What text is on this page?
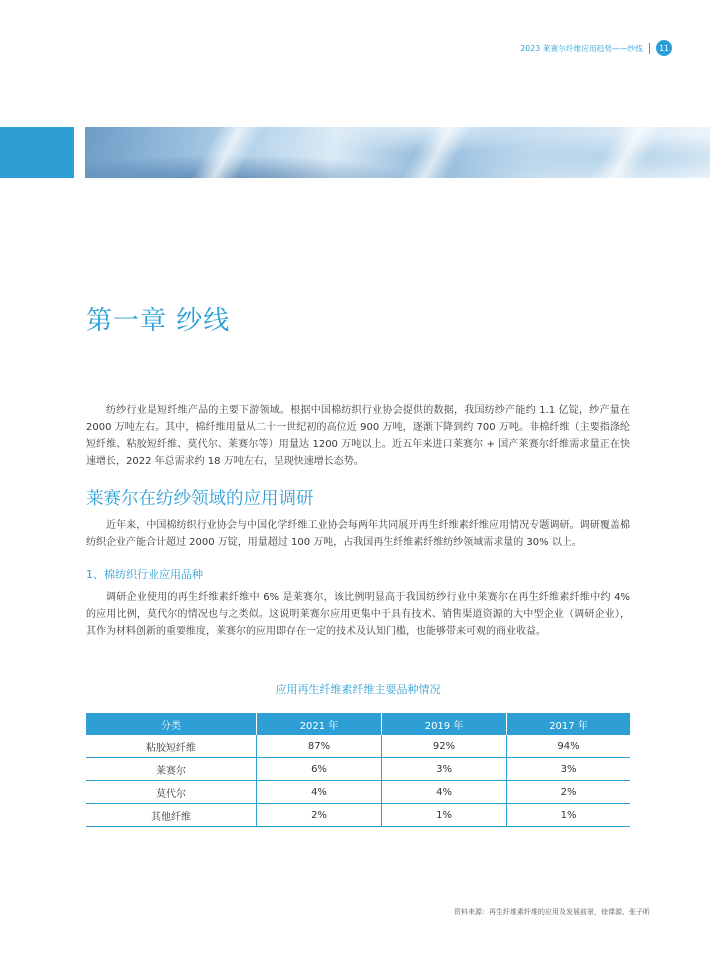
2023 莱赛尔纤维应用趋势——纱线	11
第一章 纱线

纺纱行业是短纤维产品的主要下游领域。根据中国棉纺织行业协会提供的数据，我国纺纱产能约 1.1 亿锭，纱产量在 2000 万吨左右。其中，棉纤维用量从二十一世纪初的高位近 900 万吨，逐渐下降到约 700 万吨。非棉纤维（主要指涤纶短纤维、粘胶短纤维、莫代尔、莱赛尔等）用量达 1200 万吨以上。近五年来进口莱赛尔 + 国产莱赛尔纤维需求量正在快速增长，2022 年总需求约 18 万吨左右，呈现快速增长态势。

莱赛尔在纺纱领域的应用调研

近年来，中国棉纺织行业协会与中国化学纤维工业协会每两年共同展开再生纤维素纤维应用情况专题调研。调研覆盖棉纺织企业产能合计超过 2000 万锭，用量超过 100 万吨，占我国再生纤维素纤维纺纱领域需求量的 30% 以上。

1、棉纺织行业应用品种

调研企业使用的再生纤维素纤维中 6% 是莱赛尔，该比例明显高于我国纺纱行业中莱赛尔在再生纤维素纤维中约 4% 的应用比例，莫代尔的情况也与之类似。这说明莱赛尔应用更集中于具有技术、销售渠道资源的大中型企业（调研企业），其作为材料创新的重要维度，莱赛尔的应用即存在一定的技术及认知门槛，也能够带来可观的商业收益。

应用再生纤维素纤维主要品种情况
分类	2021 年	2019 年	2017 年
粘胶短纤维	87%	92%	94%
莱赛尔	6%	3%	3%
莫代尔	4%	4%	2%
其他纤维	2%	1%	1%
资料来源：再生纤维素纤维的应用及发展前景，徐课源、张子昕
